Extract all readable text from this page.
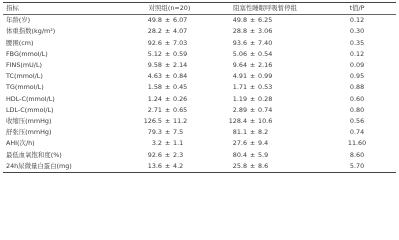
指标	对照组(n=20)			阻塞性睡眠呼吸暂停组			t值/P
年龄(岁)	49.8	±	6.07	49.8	±	6.25	0.12
体重指数(kg/m²)	28.2	±	4.07	28.8	±	3.06	0.30
腰围(cm)	92.6	±	7.03	93.6	±	7.40	0.35
FBG(mmol/L)	5.12	±	0.59	5.06	±	0.54	0.12
FINS(mU/L)	9.58	±	2.14	9.64	±	2.16	0.09
TC(mmol/L)	4.63	±	0.84	4.91	±	0.99	0.95
TG(mmol/L)	1.58	±	0.45	1.71	±	0.53	0.88
HDL-C(mmol/L)	1.24	±	0.26	1.19	±	0.28	0.60
LDL-C(mmol/L)	2.71	±	0.65	2.89	±	0.74	0.80
收缩压(mmHg)	126.5	±	11.2	128.4	±	10.6	0.56
舒张压(mmHg)	79.3	±	7.5	81.1	±	8.2	0.74
AHI(次/h)	3.2	±	1.1	27.6	±	9.4	11.60
最低血氧饱和度(%)	92.6	±	2.3	80.4	±	5.9	8.60
24h尿微量白蛋白(mg)	13.6	±	4.2	25.8	±	8.6	5.70
